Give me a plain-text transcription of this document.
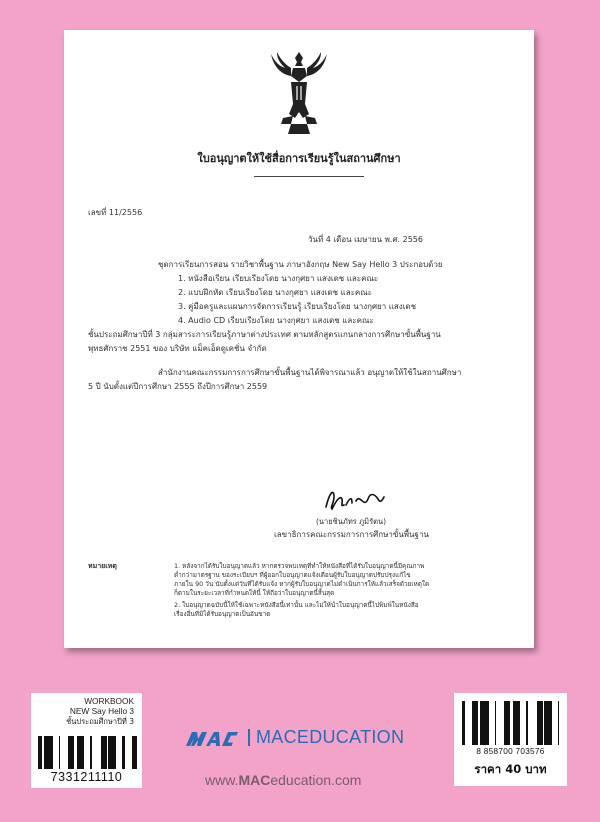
ใบอนุญาตให้ใช้สื่อการเรียนรู้ในสถานศึกษา
เลขที่ 11/2556
วันที่ 4 เดือน เมษายน พ.ศ. 2556
ชุดการเรียนการสอน รายวิชาพื้นฐาน ภาษาอังกฤษ New Say Hello 3 ประกอบด้วย
1. หนังสือเรียน เรียบเรียงโดย นางกุศยา แสงเดช และคณะ
2. แบบฝึกหัด เรียบเรียงโดย นางกุศยา แสงเดช และคณะ
3. คู่มือครูและแผนการจัดการเรียนรู้ เรียบเรียงโดย นางกุศยา แสงเดช
4. Audio CD เรียบเรียงโดย นางกุศยา แสงเดช และคณะ
ชั้นประถมศึกษาปีที่ 3 กลุ่มสาระการเรียนรู้ภาษาต่างประเทศ ตามหลักสูตรแกนกลางการศึกษาขั้นพื้นฐาน
พุทธศักราช 2551 ของ บริษัท แม็คเอ็ดดูเคชั่น จำกัด
สำนักงานคณะกรรมการการศึกษาขั้นพื้นฐานได้พิจารณาแล้ว อนุญาตให้ใช้ในสถานศึกษา
5 ปี นับตั้งแต่ปีการศึกษา 2555 ถึงปีการศึกษา 2559
(นายชินภัทร ภูมิรัตน)
เลขาธิการคณะกรรมการการศึกษาขั้นพื้นฐาน
หมายเหตุ	1. หลังจากได้รับใบอนุญาตแล้ว หากตรวจพบเหตุที่ทำให้หนังสือที่ได้รับใบอนุญาตนี้มีคุณภาพ
ต่ำกว่ามาตรฐาน ของระเบียบฯ ที่ผู้ออกใบอนุญาตแจ้งเตือนผู้รับใบอนุญาตปรับปรุงแก้ไข
ภายใน 90 วัน นับตั้งแต่วันที่ได้รับแจ้ง หากผู้รับใบอนุญาตไม่ดำเนินการให้แล้วเสร็จด้วยเหตุใด
ก็ตามในระยะเวลาที่กำหนดให้นี้ ให้ถือว่าใบอนุญาตนี้สิ้นสุด
2. ใบอนุญาตฉบับนี้ให้ใช้เฉพาะหนังสือนี้เท่านั้น และไม่ให้นำใบอนุญาตนี้ไปพิมพ์ในหนังสือ
เรื่องอื่นที่มิได้รับอนุญาตเป็นอันขาด
WORKBOOK
NEW Say Hello 3
ชั้นประถมศึกษาปีที่ 3
7331211110
MACEDUCATION
www.MACeducation.com
8 858700 703576
ราคา 40 บาท
